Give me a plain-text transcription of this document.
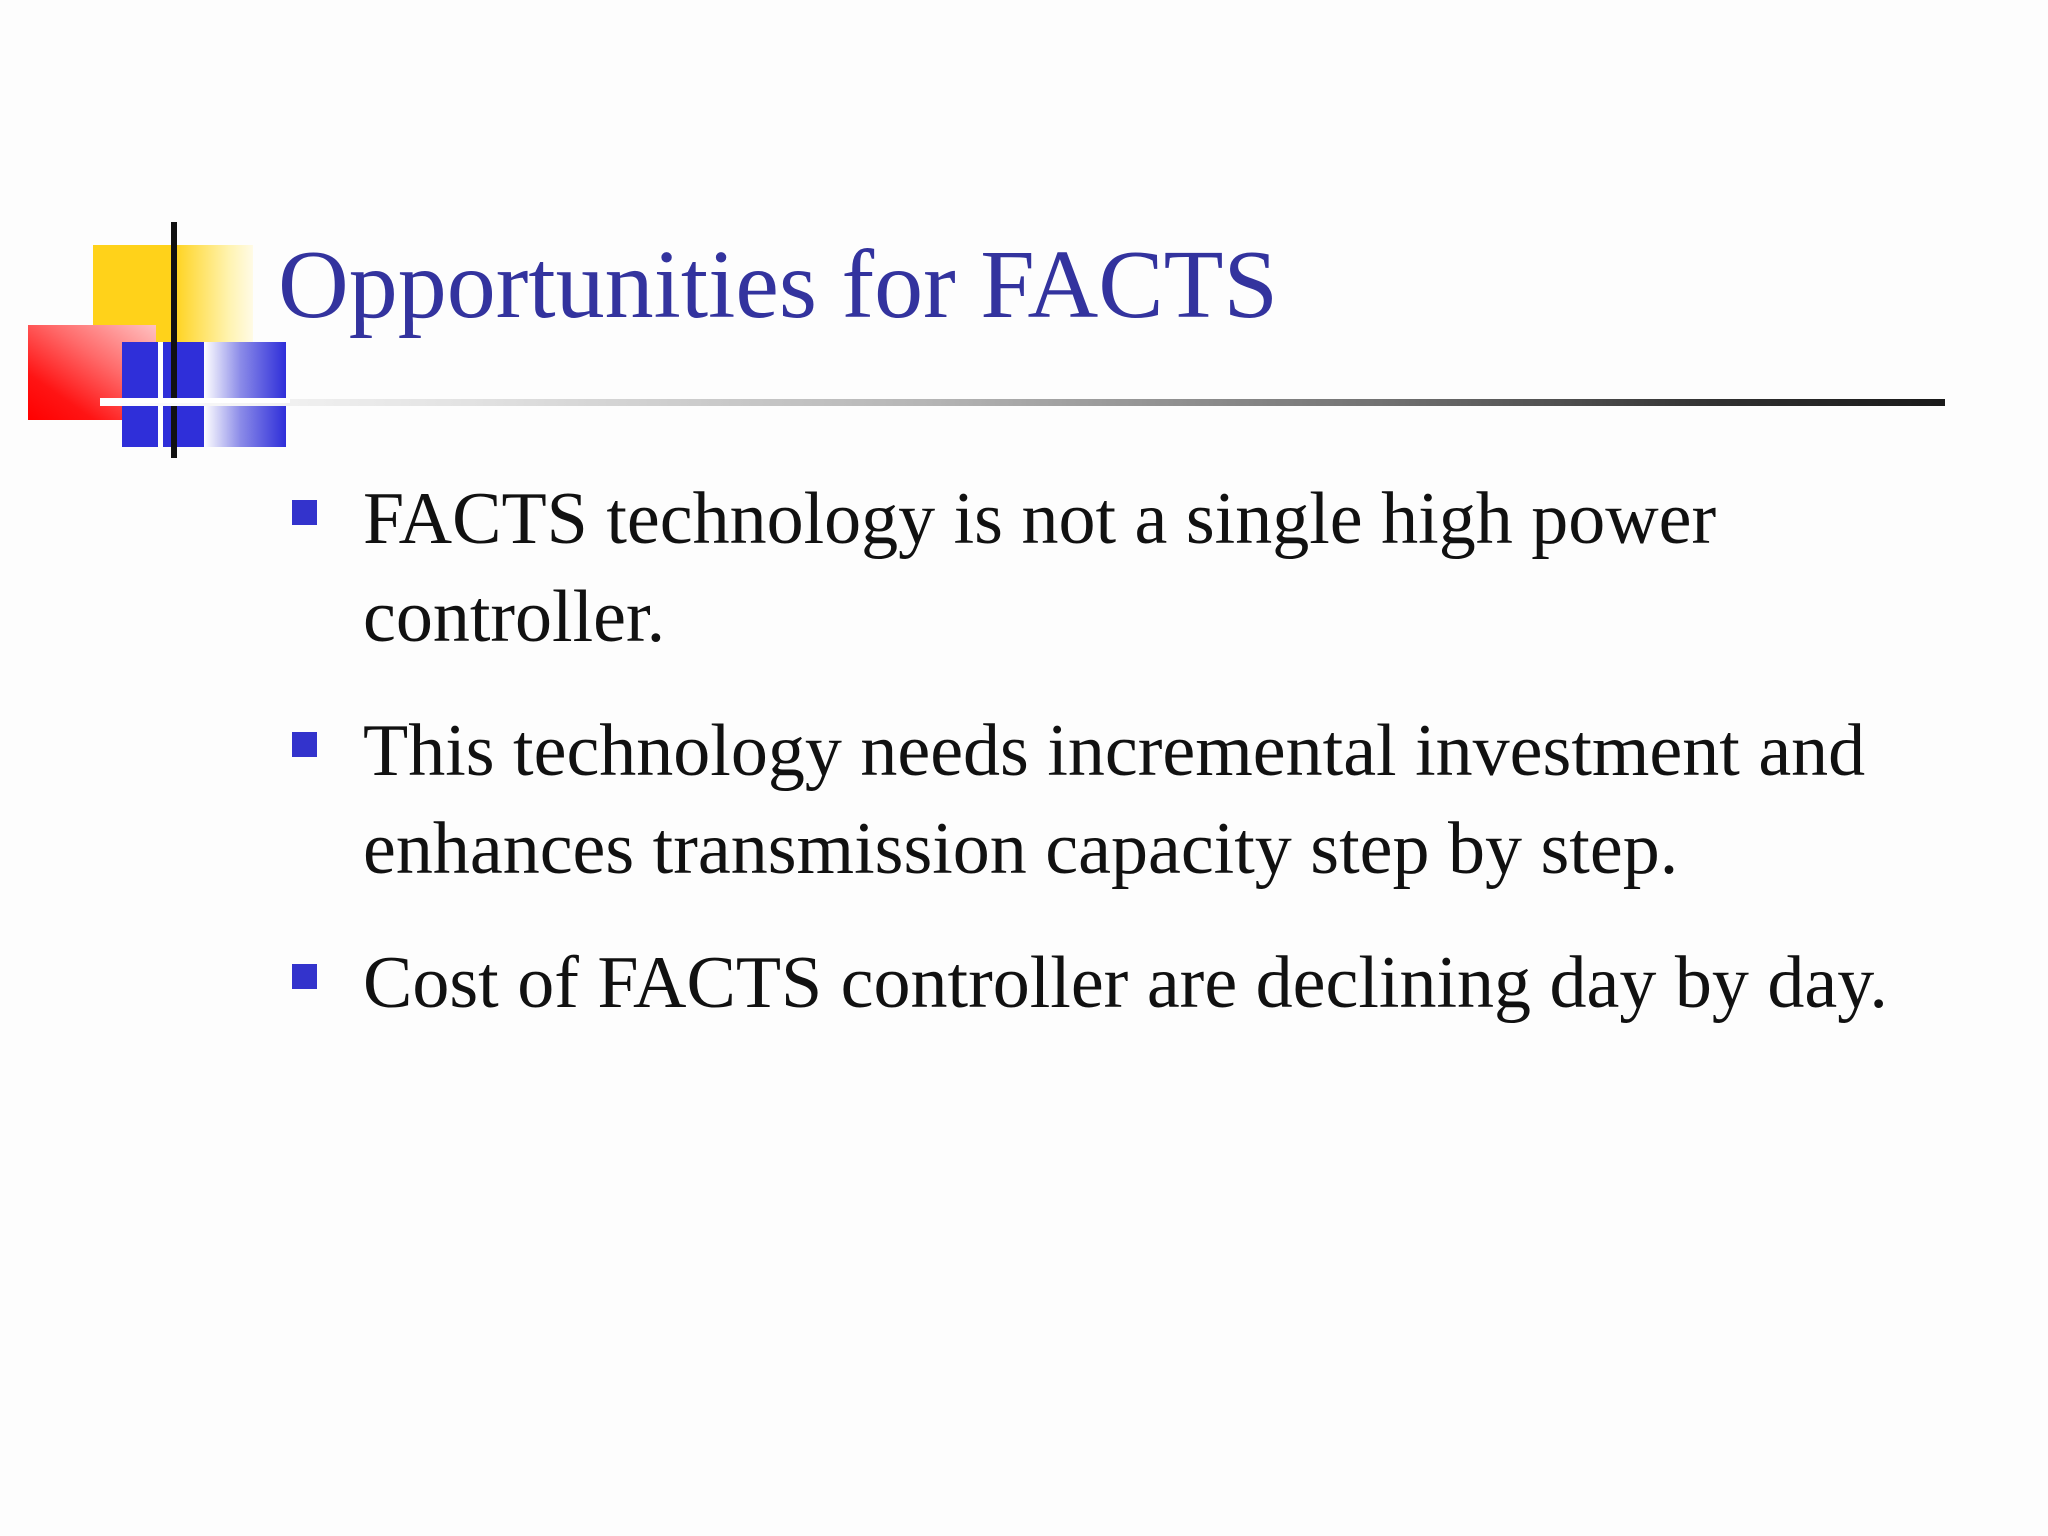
Opportunities for FACTS
FACTS technology is not a single high power controller.
This technology needs incremental investment and enhances transmission capacity step by step.
Cost of FACTS controller are declining day by day.
